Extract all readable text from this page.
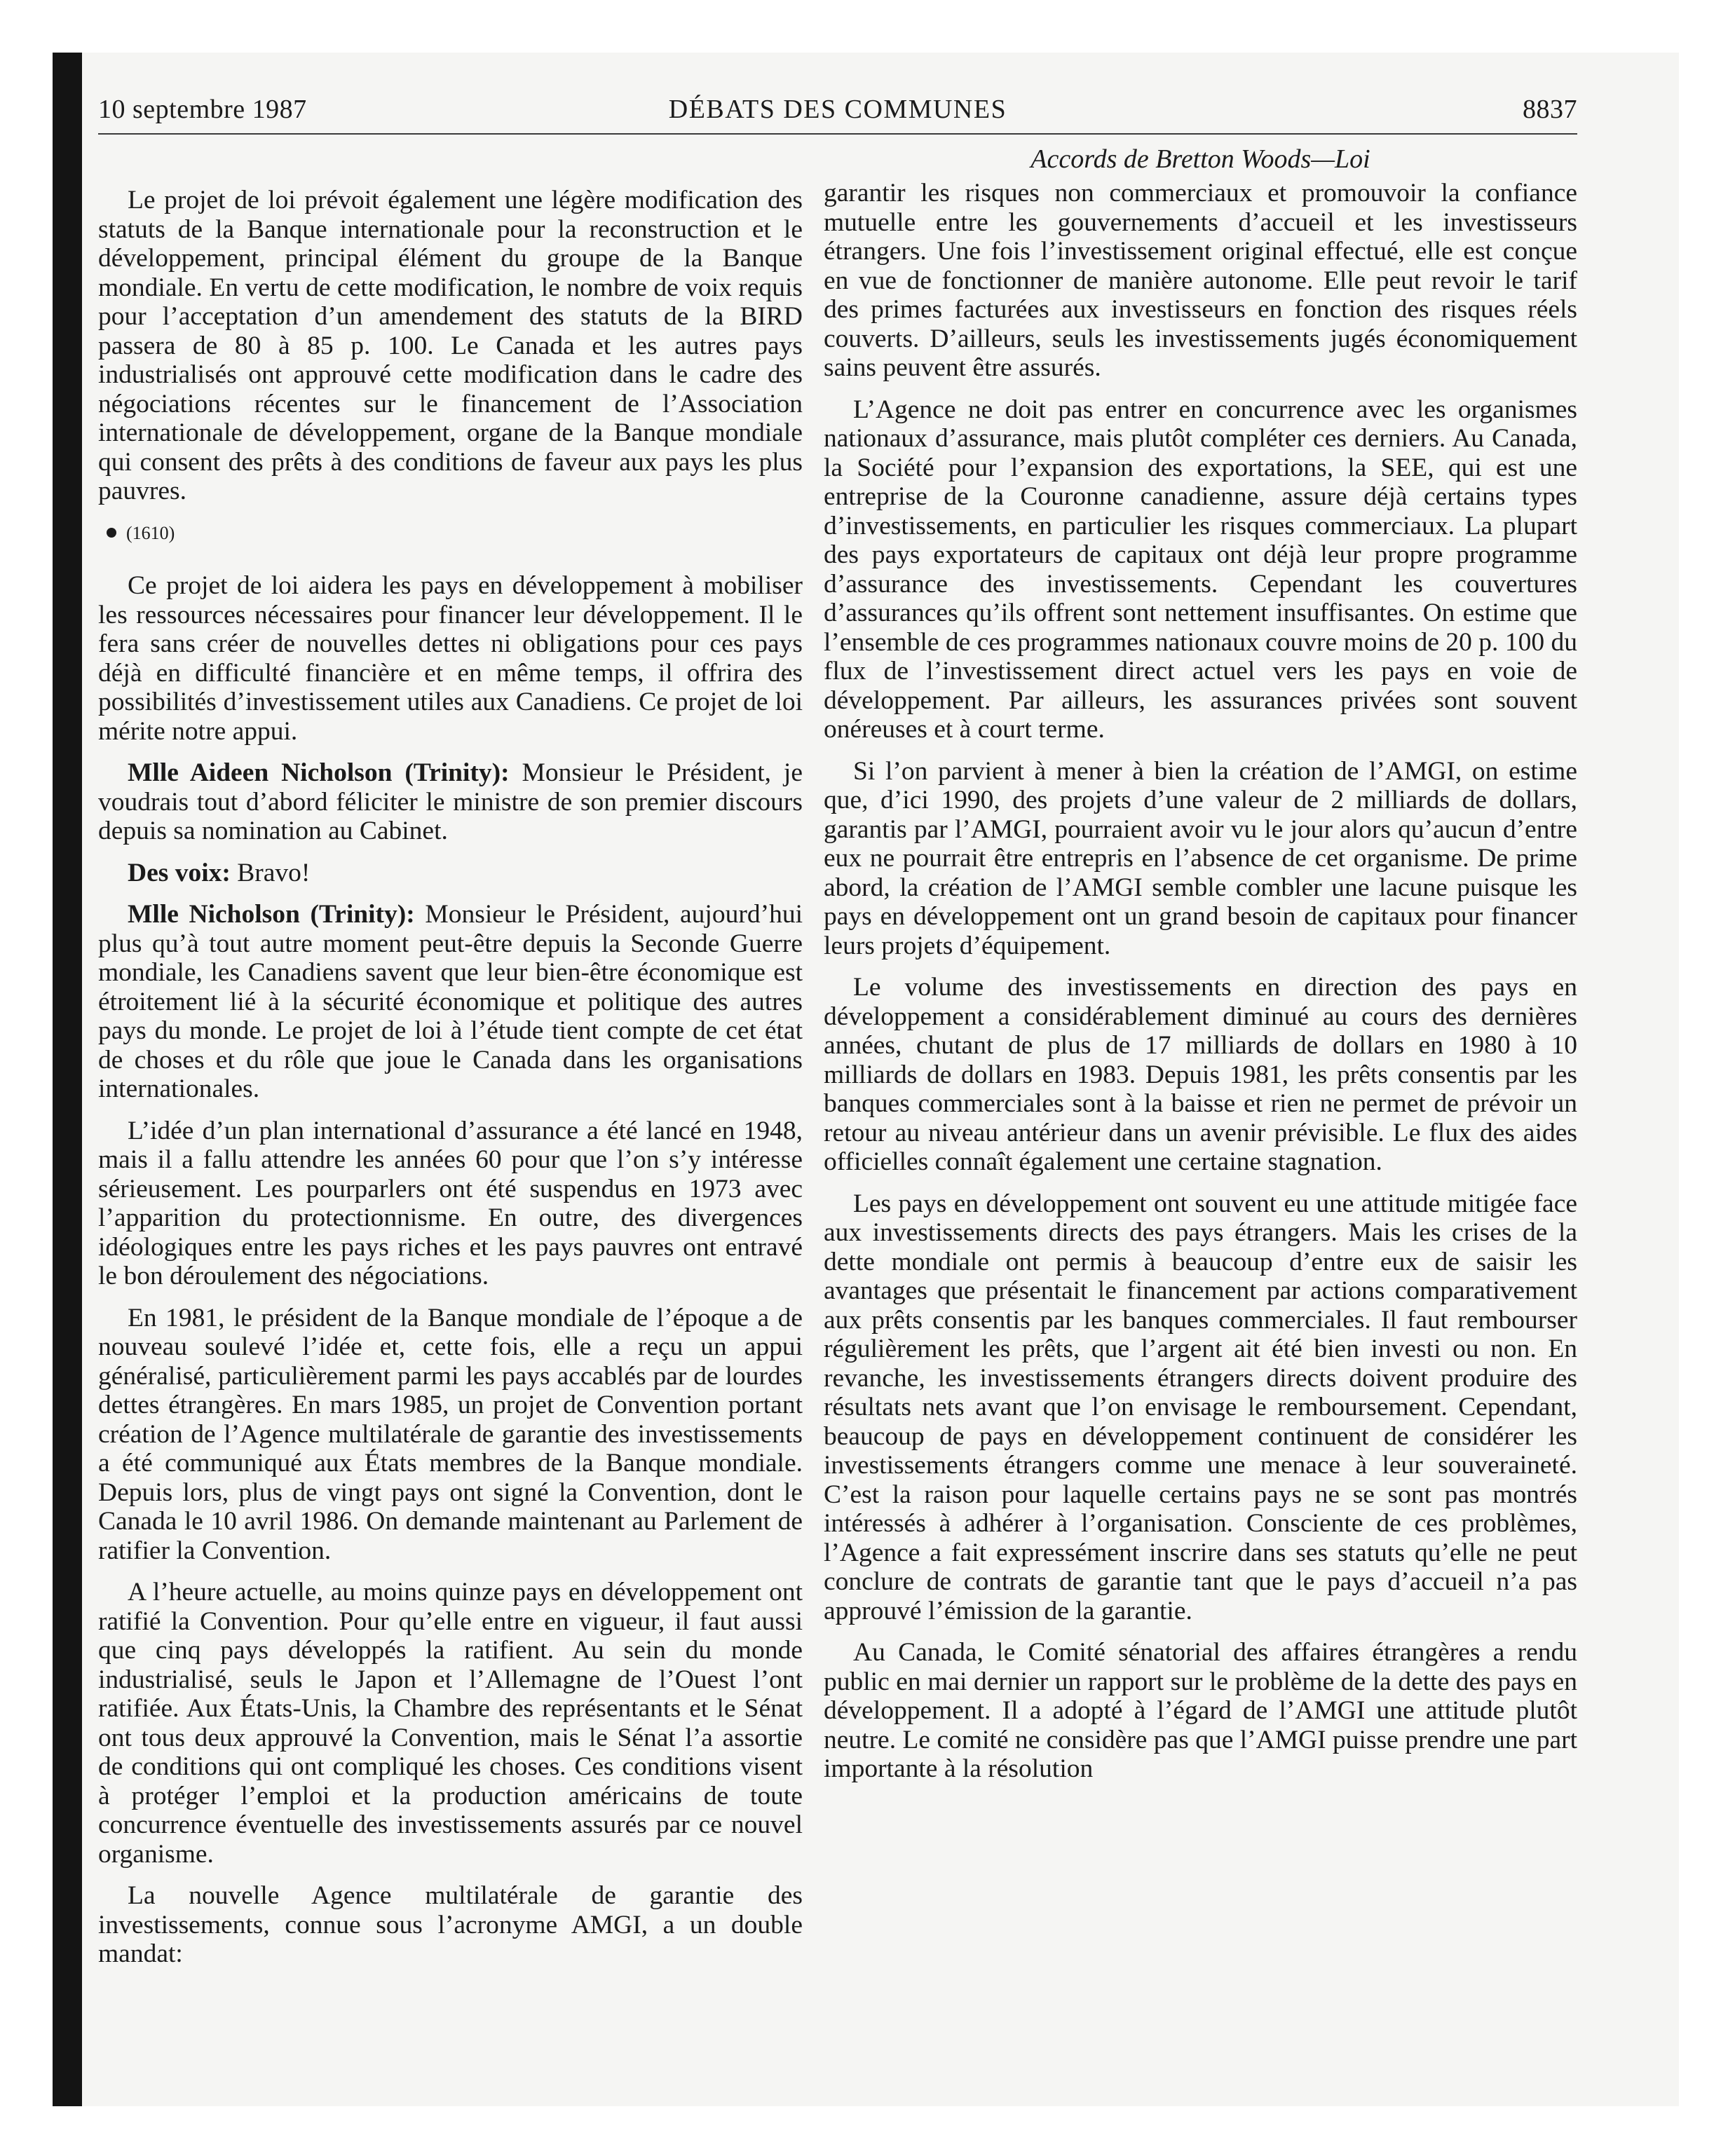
10 septembre 1987	DÉBATS DES COMMUNES	8837
Accords de Bretton Woods—Loi

Le projet de loi prévoit également une légère modification des statuts de la Banque internationale pour la reconstruction et le développement, principal élément du groupe de la Banque mondiale. En vertu de cette modification, le nombre de voix requis pour l’acceptation d’un amendement des statuts de la BIRD passera de 80 à 85 p. 100. Le Canada et les autres pays industrialisés ont approuvé cette modification dans le cadre des négociations récentes sur le financement de l’Association internationale de développement, organe de la Banque mondiale qui consent des prêts à des conditions de faveur aux pays les plus pauvres.

(1610)

Ce projet de loi aidera les pays en développement à mobiliser les ressources nécessaires pour financer leur développement. Il le fera sans créer de nouvelles dettes ni obligations pour ces pays déjà en difficulté financière et en même temps, il offrira des possibilités d’investissement utiles aux Canadiens. Ce projet de loi mérite notre appui.

Mlle Aideen Nicholson (Trinity): Monsieur le Président, je voudrais tout d’abord féliciter le ministre de son premier discours depuis sa nomination au Cabinet.

Des voix: Bravo!

Mlle Nicholson (Trinity): Monsieur le Président, aujourd’hui plus qu’à tout autre moment peut-être depuis la Seconde Guerre mondiale, les Canadiens savent que leur bien-être économique est étroitement lié à la sécurité économique et politique des autres pays du monde. Le projet de loi à l’étude tient compte de cet état de choses et du rôle que joue le Canada dans les organisations internationales.

L’idée d’un plan international d’assurance a été lancé en 1948, mais il a fallu attendre les années 60 pour que l’on s’y intéresse sérieusement. Les pourparlers ont été suspendus en 1973 avec l’apparition du protectionnisme. En outre, des divergences idéologiques entre les pays riches et les pays pauvres ont entravé le bon déroulement des négociations.

En 1981, le président de la Banque mondiale de l’époque a de nouveau soulevé l’idée et, cette fois, elle a reçu un appui généralisé, particulièrement parmi les pays accablés par de lourdes dettes étrangères. En mars 1985, un projet de Convention portant création de l’Agence multilatérale de garantie des investissements a été communiqué aux États membres de la Banque mondiale. Depuis lors, plus de vingt pays ont signé la Convention, dont le Canada le 10 avril 1986. On demande maintenant au Parlement de ratifier la Convention.

A l’heure actuelle, au moins quinze pays en développement ont ratifié la Convention. Pour qu’elle entre en vigueur, il faut aussi que cinq pays développés la ratifient. Au sein du monde industrialisé, seuls le Japon et l’Allemagne de l’Ouest l’ont ratifiée. Aux États-Unis, la Chambre des représentants et le Sénat ont tous deux approuvé la Convention, mais le Sénat l’a assortie de conditions qui ont compliqué les choses. Ces conditions visent à protéger l’emploi et la production américains de toute concurrence éventuelle des investissements assurés par ce nouvel organisme.

La nouvelle Agence multilatérale de garantie des investissements, connue sous l’acronyme AMGI, a un double mandat:

garantir les risques non commerciaux et promouvoir la confiance mutuelle entre les gouvernements d’accueil et les investisseurs étrangers. Une fois l’investissement original effectué, elle est conçue en vue de fonctionner de manière autonome. Elle peut revoir le tarif des primes facturées aux investisseurs en fonction des risques réels couverts. D’ailleurs, seuls les investissements jugés économiquement sains peuvent être assurés.

L’Agence ne doit pas entrer en concurrence avec les organismes nationaux d’assurance, mais plutôt compléter ces derniers. Au Canada, la Société pour l’expansion des exportations, la SEE, qui est une entreprise de la Couronne canadienne, assure déjà certains types d’investissements, en particulier les risques commerciaux. La plupart des pays exportateurs de capitaux ont déjà leur propre programme d’assurance des investissements. Cependant les couvertures d’assurances qu’ils offrent sont nettement insuffisantes. On estime que l’ensemble de ces programmes nationaux couvre moins de 20 p. 100 du flux de l’investissement direct actuel vers les pays en voie de développement. Par ailleurs, les assurances privées sont souvent onéreuses et à court terme.

Si l’on parvient à mener à bien la création de l’AMGI, on estime que, d’ici 1990, des projets d’une valeur de 2 milliards de dollars, garantis par l’AMGI, pourraient avoir vu le jour alors qu’aucun d’entre eux ne pourrait être entrepris en l’absence de cet organisme. De prime abord, la création de l’AMGI semble combler une lacune puisque les pays en développement ont un grand besoin de capitaux pour financer leurs projets d’équipement.

Le volume des investissements en direction des pays en développement a considérablement diminué au cours des dernières années, chutant de plus de 17 milliards de dollars en 1980 à 10 milliards de dollars en 1983. Depuis 1981, les prêts consentis par les banques commerciales sont à la baisse et rien ne permet de prévoir un retour au niveau antérieur dans un avenir prévisible. Le flux des aides officielles connaît également une certaine stagnation.

Les pays en développement ont souvent eu une attitude mitigée face aux investissements directs des pays étrangers. Mais les crises de la dette mondiale ont permis à beaucoup d’entre eux de saisir les avantages que présentait le financement par actions comparativement aux prêts consentis par les banques commerciales. Il faut rembourser régulièrement les prêts, que l’argent ait été bien investi ou non. En revanche, les investissements étrangers directs doivent produire des résultats nets avant que l’on envisage le remboursement. Cependant, beaucoup de pays en développement continuent de considérer les investissements étrangers comme une menace à leur souveraineté. C’est la raison pour laquelle certains pays ne se sont pas montrés intéressés à adhérer à l’organisation. Consciente de ces problèmes, l’Agence a fait expressément inscrire dans ses statuts qu’elle ne peut conclure de contrats de garantie tant que le pays d’accueil n’a pas approuvé l’émission de la garantie.

Au Canada, le Comité sénatorial des affaires étrangères a rendu public en mai dernier un rapport sur le problème de la dette des pays en développement. Il a adopté à l’égard de l’AMGI une attitude plutôt neutre. Le comité ne considère pas que l’AMGI puisse prendre une part importante à la résolution
